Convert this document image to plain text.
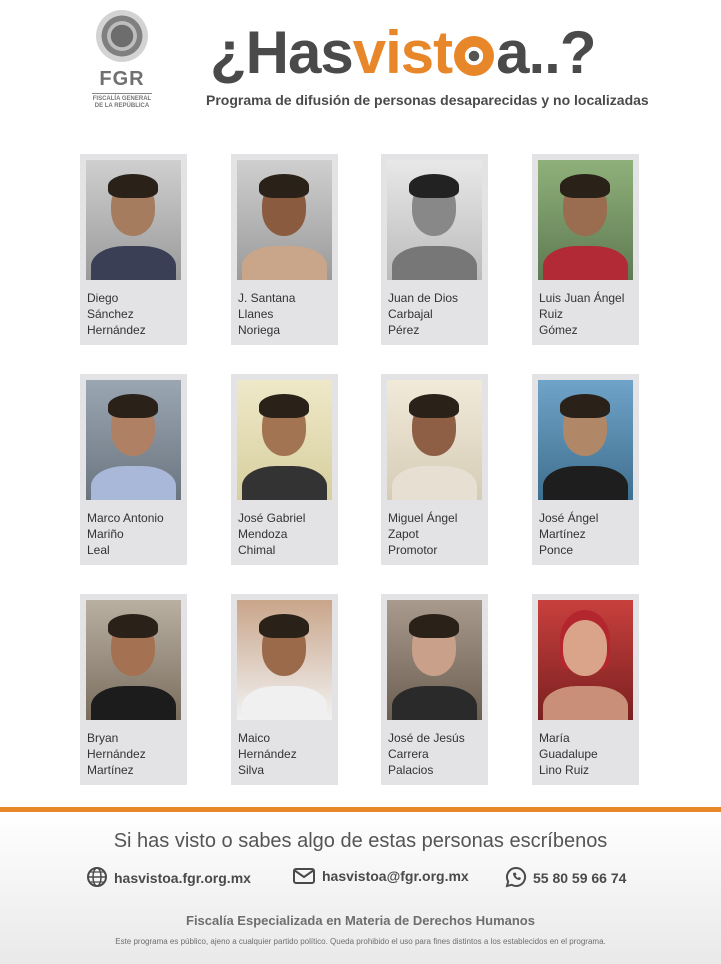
FGR
FISCALÍA GENERAL
DE LA REPÚBLICA
¿Hasvist a..?
Programa de difusión de personas desaparecidas y no localizadas
Diego
Sánchez
Hernández
J. Santana
Llanes
Noriega
Juan de Dios
Carbajal
Pérez
Luis Juan Ángel
Ruiz
Gómez
Marco Antonio
Mariño
Leal
José Gabriel
Mendoza
Chimal
Miguel Ángel
Zapot
Promotor
José Ángel
Martínez
Ponce
Bryan
Hernández
Martínez
Maico
Hernández
Silva
José de Jesús
Carrera
Palacios
María
Guadalupe
Lino Ruiz
Si has visto o sabes algo de estas personas escríbenos
hasvistoa.fgr.org.mx	hasvistoa@fgr.org.mx	55 80 59 66 74
Fiscalía Especializada en Materia de Derechos Humanos
Este programa es público, ajeno a cualquier partido político. Queda prohibido el uso para fines distintos a los establecidos en el programa.
